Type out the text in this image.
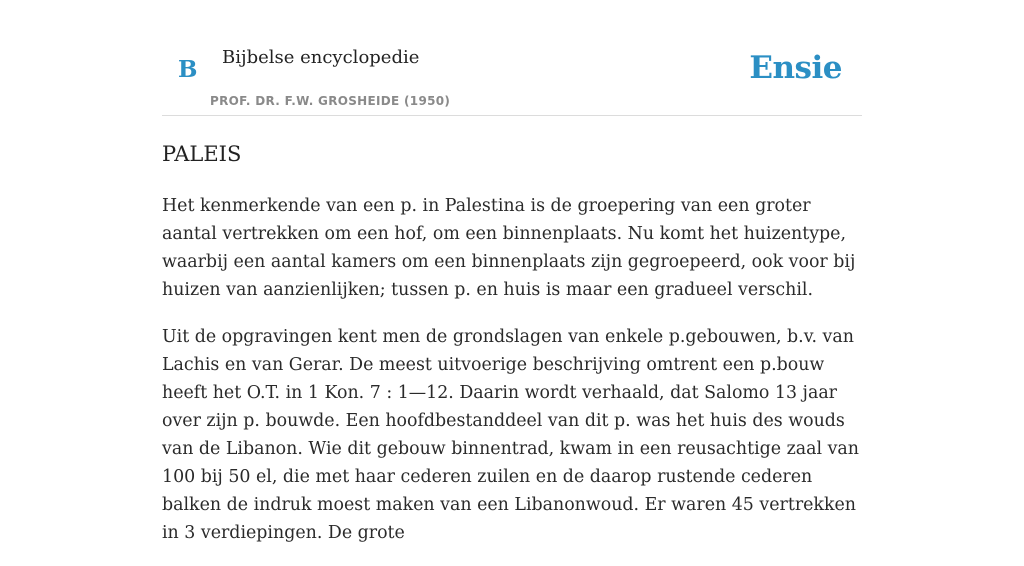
B Bijbelse encyclopedie
PROF. DR. F.W. GROSHEIDE (1950)
Ensie
PALEIS

Het kenmerkende van een p. in Palestina is de groepering van een groter aantal vertrekken om een hof, om een binnenplaats. Nu komt het huizentype, waarbij een aantal kamers om een binnenplaats zijn gegroepeerd, ook voor bij huizen van aanzienlijken; tussen p. en huis is maar een gradueel verschil.

Uit de opgravingen kent men de grondslagen van enkele p.gebouwen, b.v. van Lachis en van Gerar. De meest uitvoerige beschrijving omtrent een p.bouw heeft het O.T. in 1 Kon. 7 : 1—12. Daarin wordt verhaald, dat Salomo 13 jaar over zijn p. bouwde. Een hoofdbestanddeel van dit p. was het huis des wouds van de Libanon. Wie dit gebouw binnentrad, kwam in een reusachtige zaal van 100 bij 50 el, die met haar cederen zuilen en de daarop rustende cederen balken de indruk moest maken van een Libanonwoud. Er waren 45 vertrekken in 3 verdiepingen. De grote
